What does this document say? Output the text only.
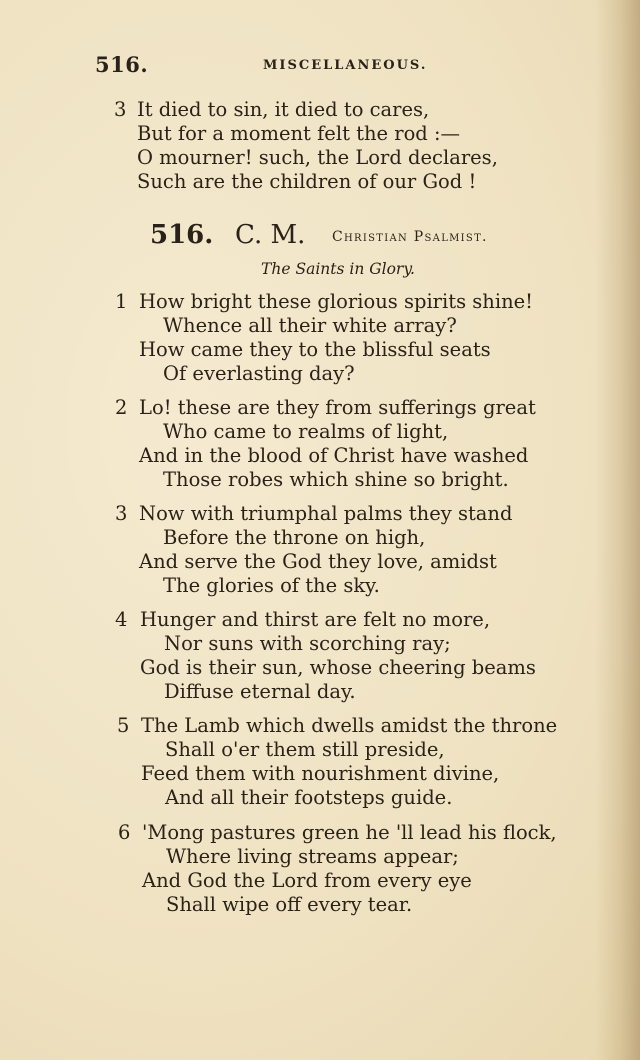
516.	MISCELLANEOUS.
3 It died to sin, it died to cares,
But for a moment felt the rod :—
O mourner! such, the Lord declares,
Such are the children of our God !
516. C. M. Christian Psalmist.
The Saints in Glory.
1 How bright these glorious spirits shine!
Whence all their white array?
How came they to the blissful seats
Of everlasting day?
2 Lo! these are they from sufferings great
Who came to realms of light,
And in the blood of Christ have washed
Those robes which shine so bright.
3 Now with triumphal palms they stand
Before the throne on high,
And serve the God they love, amidst
The glories of the sky.
4 Hunger and thirst are felt no more,
Nor suns with scorching ray;
God is their sun, whose cheering beams
Diffuse eternal day.
5 The Lamb which dwells amidst the throne
Shall o'er them still preside,
Feed them with nourishment divine,
And all their footsteps guide.
6 'Mong pastures green he 'll lead his flock,
Where living streams appear;
And God the Lord from every eye
Shall wipe off every tear.
